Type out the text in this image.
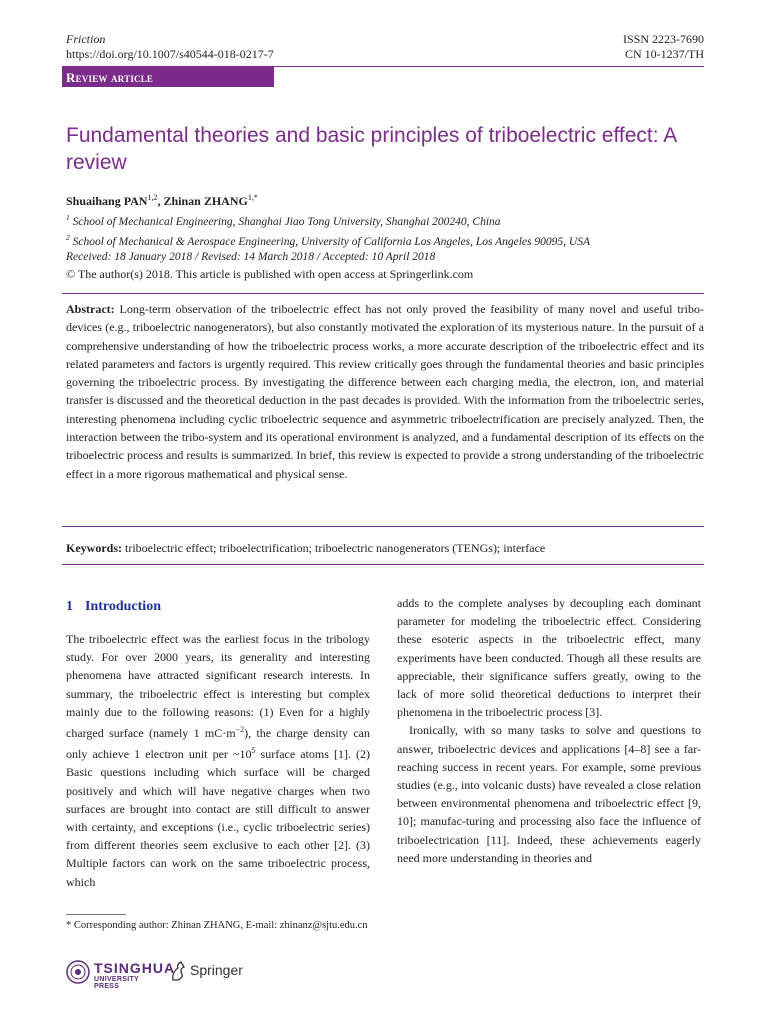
Friction
https://doi.org/10.1007/s40544-018-0217-7
ISSN 2223-7690
CN 10-1237/TH
Review article
Fundamental theories and basic principles of triboelectric effect: A review
Shuaihang PAN$^{1,2}$, Zhinan $ZHANG^{1,*}$
$^1$ School of Mechanical Engineering, Shanghai Jiao Tong University, Shanghai 200240, China
$^2$ School of Mechanical & Aerospace Engineering, University of California Los Angeles, Los Angeles 90095, USA
Received: 18 January 2018 / Revised: 14 March 2018 / Accepted: 10 April 2018
© The author(s) 2018. This article is published with open access at Springerlink.com
Abstract: Long-term observation of the triboelectric effect has not only proved the feasibility of many novel and useful tribo-devices (e.g., triboelectric nanogenerators), but also constantly motivated the exploration of its mysterious nature. In the pursuit of a comprehensive understanding of how the triboelectric process works, a more accurate description of the triboelectric effect and its related parameters and factors is urgently required. This review critically goes through the fundamental theories and basic principles governing the triboelectric process. By investigating the difference between each charging media, the electron, ion, and material transfer is discussed and the theoretical deduction in the past decades is provided. With the information from the triboelectric series, interesting phenomena including cyclic triboelectric sequence and asymmetric triboelectrification are precisely analyzed. Then, the interaction between the tribo-system and its operational environment is analyzed, and a fundamental description of its effects on the triboelectric process and results is summarized. In brief, this review is expected to provide a strong understanding of the triboelectric effect in a more rigorous mathematical and physical sense.
Keywords: triboelectric effect; triboelectrification; triboelectric nanogenerators (TENGs); interface
1 Introduction

The triboelectric effect was the earliest focus in the tribology study. For over 2000 years, its generality and interesting phenomena have attracted significant research interests. In summary, the triboelectric effect is interesting but complex mainly due to the following reasons: (1) Even for a highly charged surface (namely 1 $mC\cdot m^{-2}$), the charge density can only achieve 1 electron unit per $\sim 10^5$ surface atoms [1]. (2) Basic questions including which surface will be charged positively and which will have negative charges when two surfaces are brought into contact are still difficult to answer with certainty, and exceptions (i.e., cyclic triboelectric series) from different theories seem exclusive to each other [2]. (3) Multiple factors can work on the same triboelectric process, which

adds to the complete analyses by decoupling each dominant parameter for modeling the triboelectric effect. Considering these esoteric aspects in the triboelectric effect, many experiments have been conducted. Though all these results are appreciable, their significance suffers greatly, owing to the lack of more solid theoretical deductions to interpret their phenomena in the triboelectric process [3].

Ironically, with so many tasks to solve and questions to answer, triboelectric devices and applications [4–8] see a far-reaching success in recent years. For example, some previous studies (e.g., into volcanic dusts) have revealed a close relation between environmental phenomena and triboelectric effect [9, 10]; manufac-turing and processing also face the influence of triboelectrication [11]. Indeed, these achievements eagerly need more understanding in theories and

* Corresponding author: Zhinan ZHANG, E-mail: zhinanz@sjtu.edu.cn
TSINGHUA
UNIVERSITY PRESS
Springer
